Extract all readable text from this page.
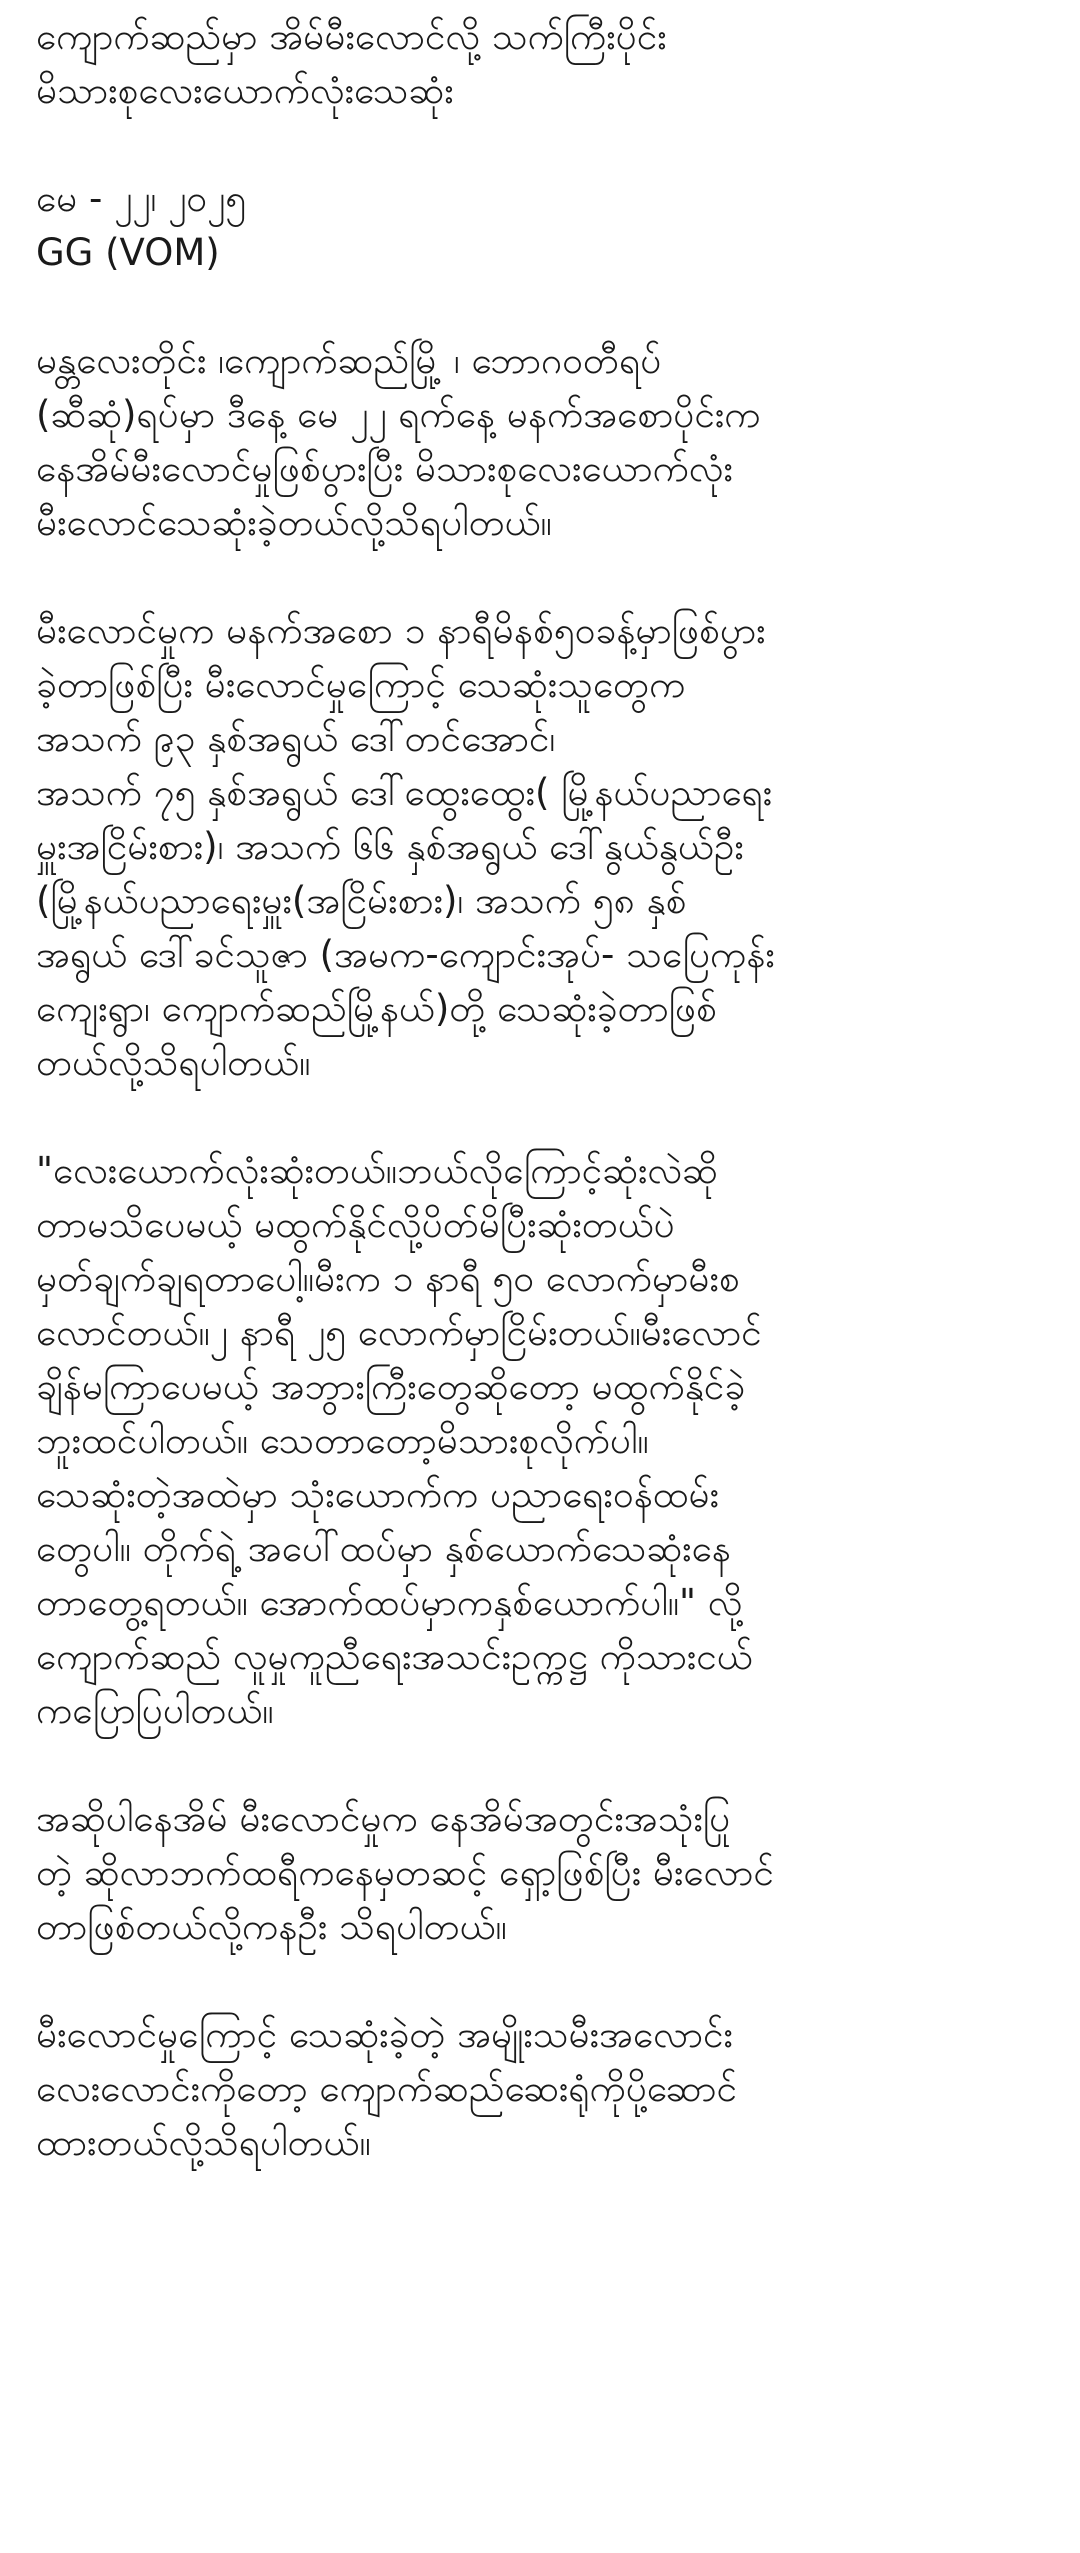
ကျောက်ဆည်မှာ အိမ်မီးလောင်လို့ သက်ကြီးပိုင်း
မိသားစုလေးယောက်လုံးသေဆုံး
မေ - ၂၂၊ ၂၀၂၅
GG (VOM)
မန္တလေးတိုင်း ၊ကျောက်ဆည်မြို့ ၊ ဘောဂဝတီရပ်
(ဆီဆုံ)ရပ်မှာ ဒီနေ့ မေ ၂၂ ရက်နေ့ မနက်အစောပိုင်းက
နေအိမ်မီးလောင်မှုဖြစ်ပွားပြီး မိသားစုလေးယောက်လုံး
မီးလောင်သေဆုံးခဲ့တယ်လို့သိရပါတယ်။
မီးလောင်မှုက မနက်အစော ၁ နာရီမိနစ်၅၀ခန့်မှာဖြစ်ပွား
ခဲ့တာဖြစ်ပြီး မီးလောင်မှုကြောင့် သေဆုံးသူတွေက
အသက် ၉၃ နှစ်အရွယ် ဒေါ်တင်အောင်၊
အသက် ၇၅ နှစ်အရွယ် ဒေါ်ထွေးထွေး( မြို့နယ်ပညာရေး
မှူးအငြိမ်းစား)၊ အသက် ၆၆ နှစ်အရွယ် ဒေါ်နွယ်နွယ်ဦး
(မြို့နယ်ပညာရေးမှူး(အငြိမ်းစား)၊ အသက် ၅၈ နှစ်
အရွယ် ဒေါ်ခင်သူဇာ (အမက-ကျောင်းအုပ်- သပြေကုန်း
ကျေးရွာ၊ ကျောက်ဆည်မြို့နယ်)တို့ သေဆုံးခဲ့တာဖြစ်
တယ်လို့သိရပါတယ်။
"လေးယောက်လုံးဆုံးတယ်။ဘယ်လိုကြောင့်ဆုံးလဲဆို
တာမသိပေမယ့် မထွက်နိုင်လို့ပိတ်မိပြီးဆုံးတယ်ပဲ
မှတ်ချက်ချရတာပေါ့။မီးက ၁ နာရီ ၅၀ လောက်မှာမီးစ
လောင်တယ်။၂ နာရီ ၂၅ လောက်မှာငြိမ်းတယ်။မီးလောင်
ချိန်မကြာပေမယ့် အဘွားကြီးတွေဆိုတော့ မထွက်နိုင်ခဲ့
ဘူးထင်ပါတယ်။ သေတာတော့မိသားစုလိုက်ပါ။
သေဆုံးတဲ့အထဲမှာ သုံးယောက်က ပညာရေးဝန်ထမ်း
တွေပါ။ တိုက်ရဲ့ အပေါ်ထပ်မှာ နှစ်ယောက်သေဆုံးနေ
တာတွေ့ရတယ်။ အောက်ထပ်မှာကနှစ်ယောက်ပါ။" လို့
ကျောက်ဆည် လူမှုကူညီရေးအသင်းဥက္ကဋ္ဌ ကိုသားငယ်
ကပြောပြပါတယ်။
အဆိုပါနေအိမ် မီးလောင်မှုက နေအိမ်အတွင်းအသုံးပြု
တဲ့ ဆိုလာဘက်ထရီကနေမှတဆင့် ရှော့ဖြစ်ပြီး မီးလောင်
တာဖြစ်တယ်လို့ကနဦး သိရပါတယ်။
မီးလောင်မှုကြောင့် သေဆုံးခဲ့တဲ့ အမျိုးသမီးအလောင်း
လေးလောင်းကိုတော့ ကျောက်ဆည်ဆေးရုံကိုပို့ဆောင်
ထားတယ်လို့သိရပါတယ်။
